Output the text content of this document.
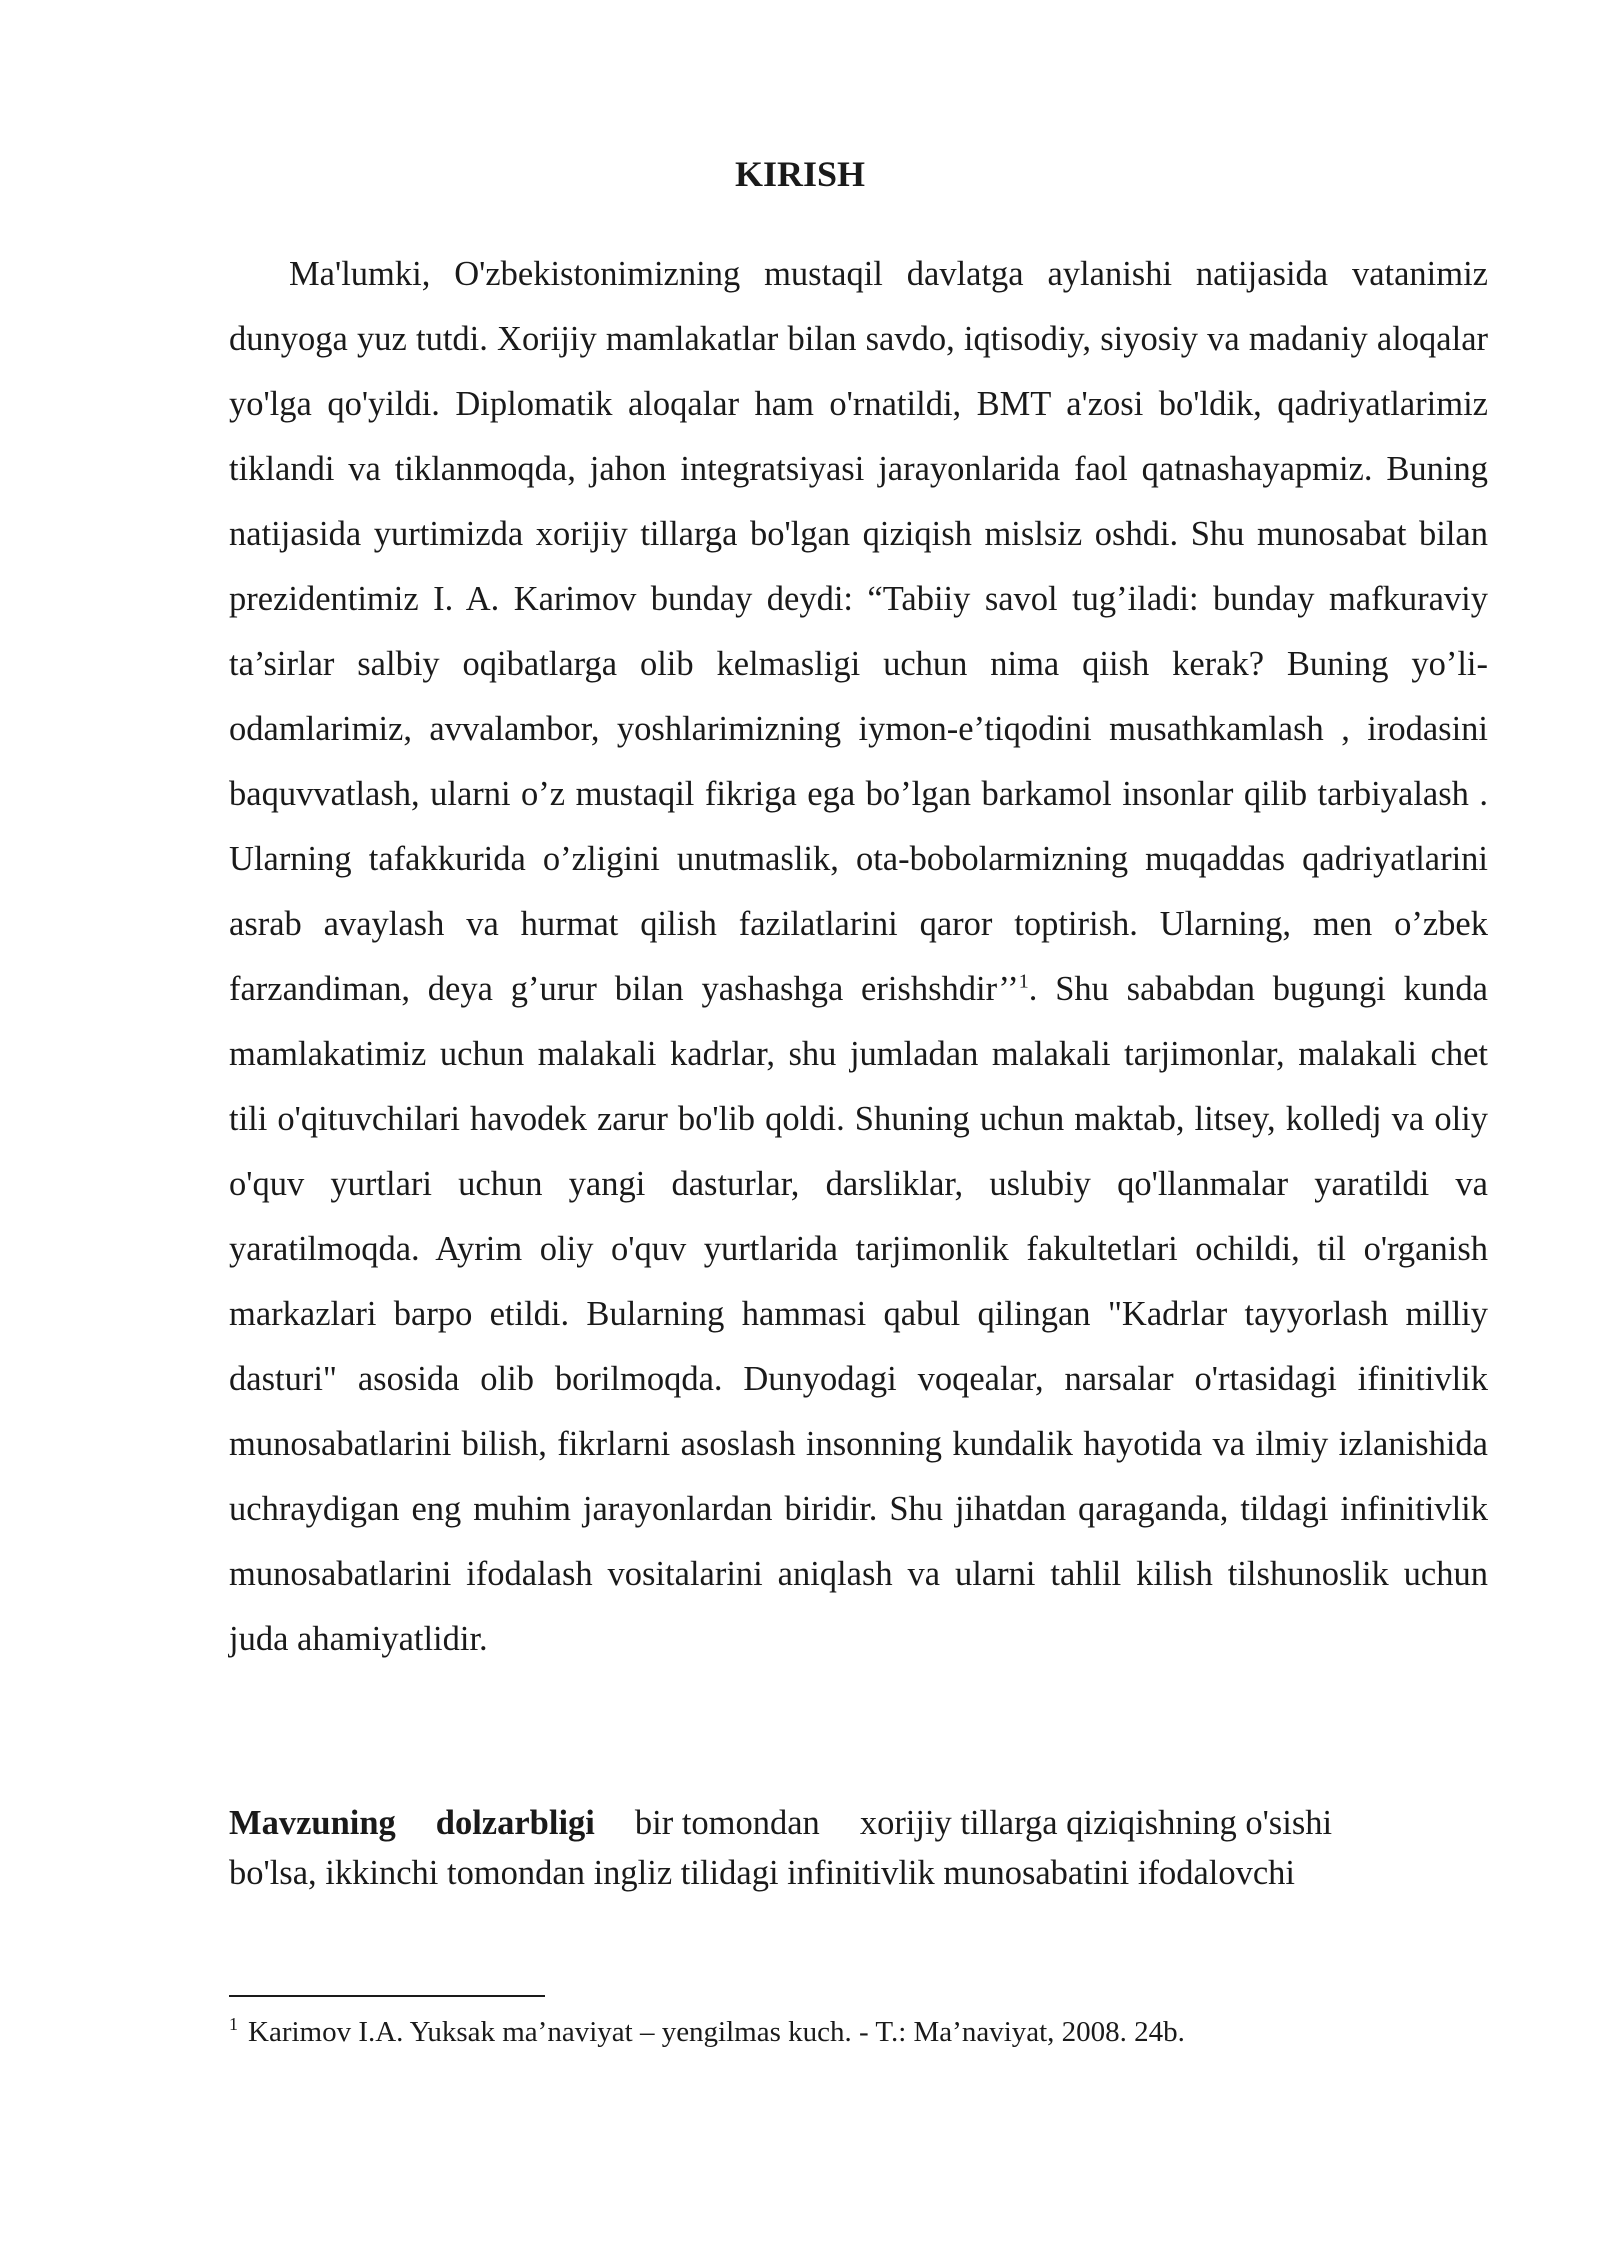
KIRISH

Ma'lumki, O'zbekistonimizning mustaqil davlatga aylanishi natijasida vatanimiz dunyoga yuz tutdi. Xorijiy mamlakatlar bilan savdo, iqtisodiy, siyosiy va madaniy aloqalar yo'lga qo'yildi. Diplomatik aloqalar ham o'rnatildi, BMT a'zosi bo'ldik, qadriyatlarimiz tiklandi va tiklanmoqda, jahon integratsiyasi jarayonlarida faol qatnashayapmiz. Buning natijasida yurtimizda xorijiy tillarga bo'lgan qiziqish mislsiz oshdi. Shu munosabat bilan prezidentimiz I. A. Karimov bunday deydi: “Tabiiy savol tug’iladi: bunday mafkuraviy ta’sirlar salbiy oqibatlarga olib kelmasligi uchun nima qiish kerak? Buning yo’li- odamlarimiz, avvalambor, yoshlarimizning iymon-e’tiqodini musathkamlash , irodasini baquvvatlash, ularni o’z mustaqil fikriga ega bo’lgan barkamol insonlar qilib tarbiyalash . Ularning tafakkurida o’zligini unutmaslik, ota-bobolarmizning muqaddas qadriyatlarini asrab avaylash va hurmat qilish fazilatlarini qaror toptirish. Ularning, men o’zbek farzandiman, deya g’urur bilan yashashga erishshdir’’$^1$. Shu sababdan bugungi kunda mamlakatimiz uchun malakali kadrlar, shu jumladan malakali tarjimonlar, malakali chet tili o'qituvchilari havodek zarur bo'lib qoldi. Shuning uchun maktab, litsey, kolledj va oliy o'quv yurtlari uchun yangi dasturlar, darsliklar, uslubiy qo'llanmalar yaratildi va yaratilmoqda. Ayrim oliy o'quv yurtlarida tarjimonlik fakultetlari ochildi, til o'rganish markazlari barpo etildi. Bularning hammasi qabul qilingan "Kadrlar tayyorlash milliy dasturi" asosida olib borilmoqda. Dunyodagi voqealar, narsalar o'rtasidagi ifinitivlik munosabatlarini bilish, fikrlarni asoslash insonning kundalik hayotida va ilmiy izlanishida uchraydigan eng muhim jarayonlardan biridir. Shu jihatdan qaraganda, tildagi infinitivlik munosabatlarini ifodalash vositalarini aniqlash va ularni tahlil kilish tilshunoslik uchun juda ahamiyatlidir.

Mavzuning dolzarbligi bir tomondan xorijiy tillarga qiziqishning o'sishi
bo'lsa, ikkinchi tomondan ingliz tilidagi infinitivlik munosabatini ifodalovchi

$^1$ Karimov I.A. Yuksak ma’naviyat – yengilmas kuch. - T.: Ma’naviyat, 2008. 24b.
